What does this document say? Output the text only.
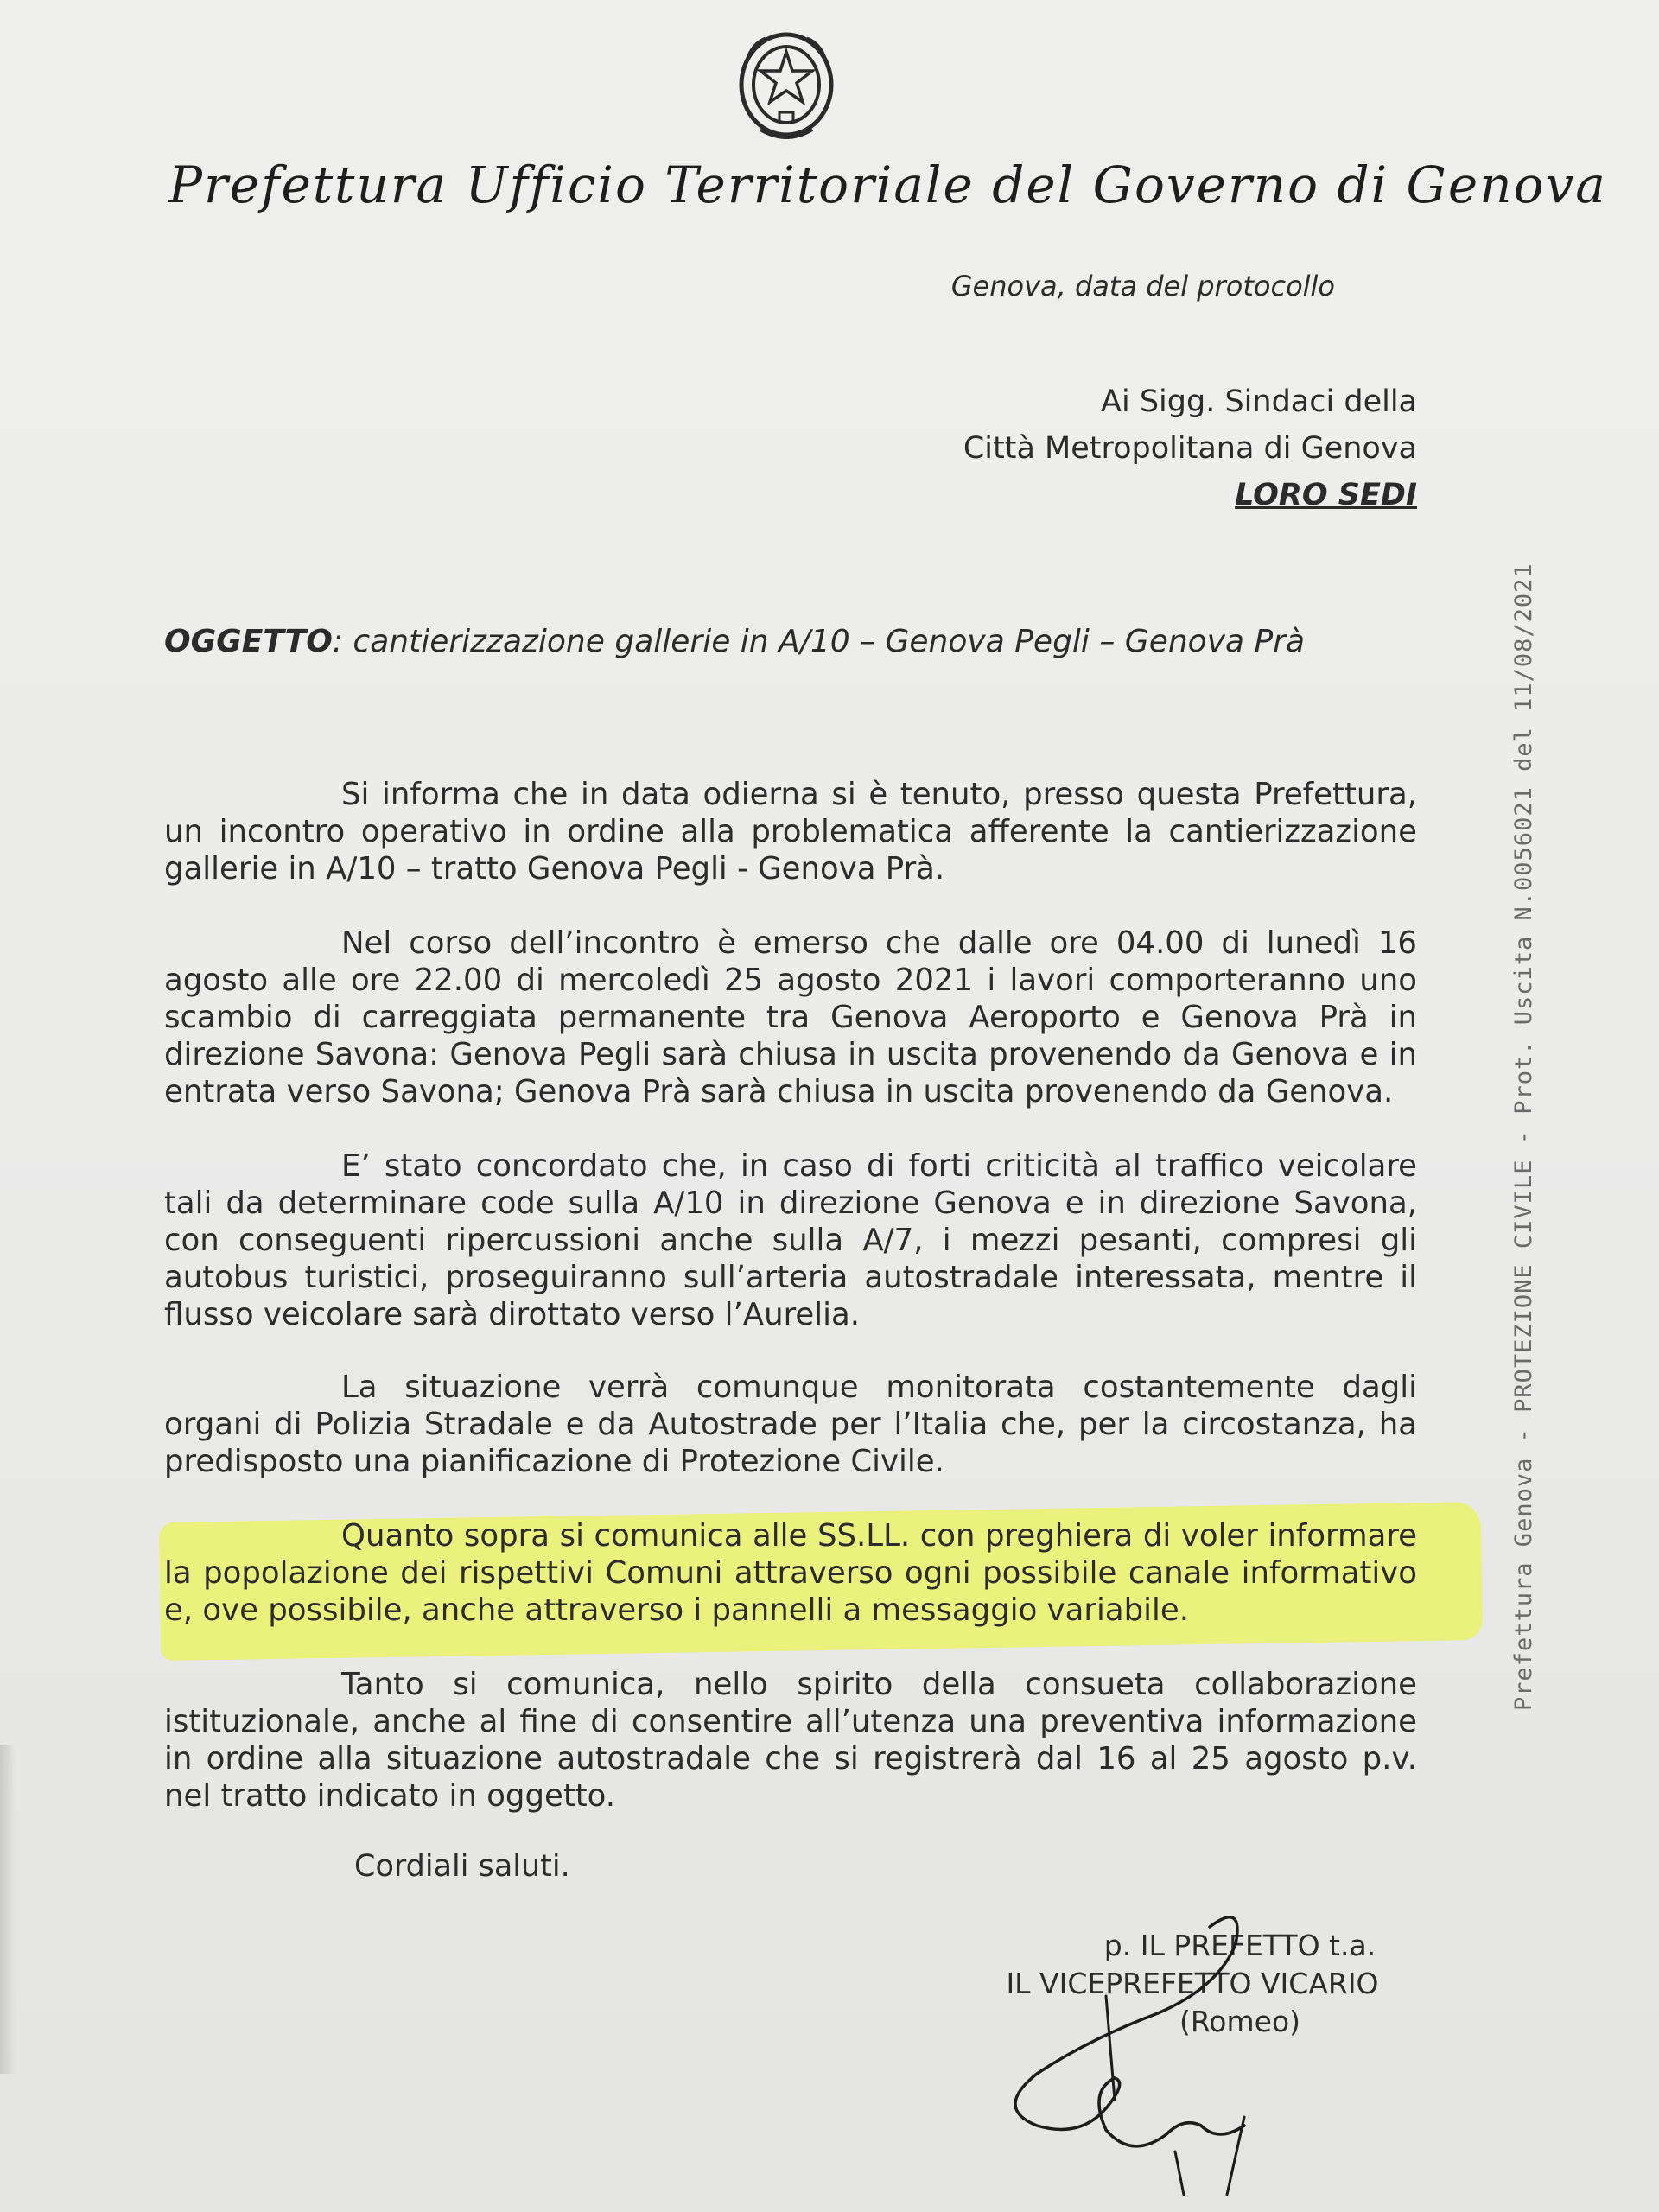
Prefettura Ufficio Territoriale del Governo di Genova
Genova, data del protocollo
Ai Sigg. Sindaci della
Città Metropolitana di Genova
LORO SEDI
OGGETTO: cantierizzazione gallerie in A/10 – Genova Pegli – Genova Prà
Si informa che in data odierna si è tenuto, presso questa Prefettura, un incontro operativo in ordine alla problematica afferente la cantierizzazione gallerie in A/10 – tratto Genova Pegli - Genova Prà.
Nel corso dell’incontro è emerso che dalle ore 04.00 di lunedì 16 agosto alle ore 22.00 di mercoledì 25 agosto 2021 i lavori comporteranno uno scambio di carreggiata permanente tra Genova Aeroporto e Genova Prà in direzione Savona: Genova Pegli sarà chiusa in uscita provenendo da Genova e in entrata verso Savona; Genova Prà sarà chiusa in uscita provenendo da Genova.
E’ stato concordato che, in caso di forti criticità al traffico veicolare tali da determinare code sulla A/10 in direzione Genova e in direzione Savona, con conseguenti ripercussioni anche sulla A/7, i mezzi pesanti, compresi gli autobus turistici, proseguiranno sull’arteria autostradale interessata, mentre il flusso veicolare sarà dirottato verso l’Aurelia.
La situazione verrà comunque monitorata costantemente dagli organi di Polizia Stradale e da Autostrade per l’Italia che, per la circostanza, ha predisposto una pianificazione di Protezione Civile.
Quanto sopra si comunica alle SS.LL. con preghiera di voler informare la popolazione dei rispettivi Comuni attraverso ogni possibile canale informativo e, ove possibile, anche attraverso i pannelli a messaggio variabile.
Tanto si comunica, nello spirito della consueta collaborazione istituzionale, anche al fine di consentire all’utenza una preventiva informazione in ordine alla situazione autostradale che si registrerà dal 16 al 25 agosto p.v. nel tratto indicato in oggetto.
Cordiali saluti.
p. IL PREFETTO t.a.
IL VICEPREFETTO VICARIO
(Romeo)
Prefettura Genova - PROTEZIONE CIVILE - Prot. Uscita N.0056021 del 11/08/2021
